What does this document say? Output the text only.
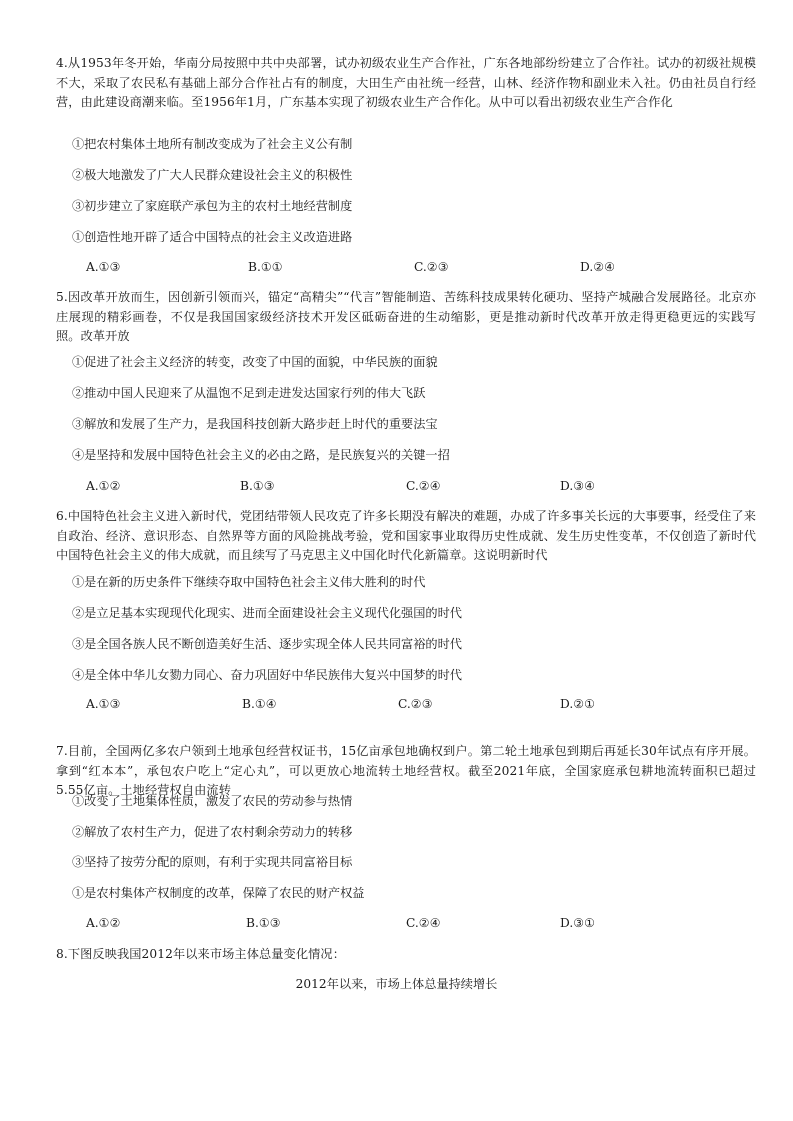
4.从1953年冬开始，华南分局按照中共中央部署，试办初级农业生产合作社，广东各地部纷纷建立了合作社。试办的初级社规模不大，采取了农民私有基础上部分合作社占有的制度，大田生产由社统一经营，山林、经济作物和副业未入社。仍由社员自行经营，由此建设商潮来临。至1956年1月，广东基本实现了初级农业生产合作化。从中可以看出初级农业生产合作化

①把农村集体土地所有制改变成为了社会主义公有制

②极大地激发了广大人民群众建设社会主义的积极性

③初步建立了家庭联产承包为主的农村土地经营制度

①创造性地开辟了适合中国特点的社会主义改造进路

A.①③	B.①①	C.②③	D.②④

5.因改革开放而生，因创新引领而兴，锚定“高精尖”“代言”智能制造、苦练科技成果转化硬功、坚持产城融合发展路径。北京亦庄展现的精彩画卷，不仅是我国国家级经济技术开发区砥砺奋进的生动缩影，更是推动新时代改革开放走得更稳更远的实践写照。改革开放

①促进了社会主义经济的转变，改变了中国的面貌，中华民族的面貌

②推动中国人民迎来了从温饱不足到走进发达国家行列的伟大飞跃

③解放和发展了生产力，是我国科技创新大路步赶上时代的重要法宝

④是坚持和发展中国特色社会主义的必由之路，是民族复兴的关键一招

A.①②	B.①③	C.②④	D.③④

6.中国特色社会主义进入新时代，党团结带领人民攻克了许多长期没有解决的难题，办成了许多事关长远的大事要事，经受住了来自政治、经济、意识形态、自然界等方面的风险挑战考验，党和国家事业取得历史性成就、发生历史性变革，不仅创造了新时代中国特色社会主义的伟大成就，而且续写了马克思主义中国化时代化新篇章。这说明新时代

①是在新的历史条件下继续夺取中国特色社会主义伟大胜利的时代

②是立足基本实现现代化现实、进而全面建设社会主义现代化强国的时代

③是全国各族人民不断创造美好生活、逐步实现全体人民共同富裕的时代

④是全体中华儿女勠力同心、奋力巩固好中华民族伟大复兴中国梦的时代

A.①③	B.①④	C.②③	D.②①

7.目前，全国两亿多农户领到土地承包经营权证书，15亿亩承包地确权到户。第二轮土地承包到期后再延长30年试点有序开展。拿到“红本本”，承包农户吃上“定心丸”，可以更放心地流转土地经营权。截至2021年底，全国家庭承包耕地流转面积已超过 5.55亿亩。土地经营权自由流转

①改变了土地集体性质，激发了农民的劳动参与热情

②解放了农村生产力，促进了农村剩余劳动力的转移

③坚持了按劳分配的原则，有利于实现共同富裕目标

①是农村集体产权制度的改革，保障了农民的财产权益

A.①②	B.①③	C.②④	D.③①

8.下图反映我国2012年以来市场主体总量变化情况：

2012年以来，市场上体总量持续增长
